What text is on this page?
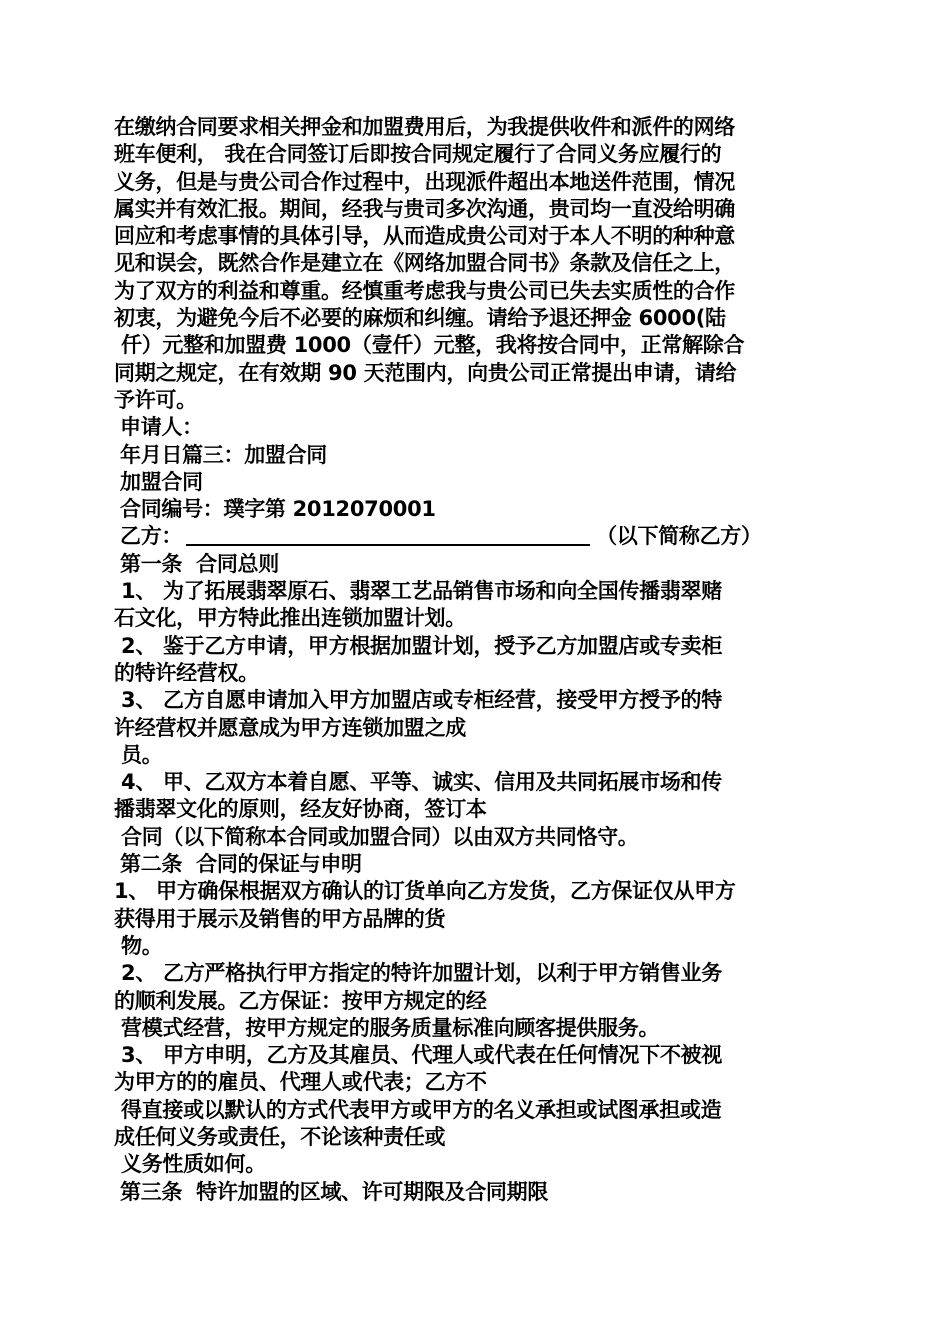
在缴纳合同要求相关押金和加盟费用后，为我提供收件和派件的网络
班车便利， 我在合同签订后即按合同规定履行了合同义务应履行的
义务，但是与贵公司合作过程中，出现派件超出本地送件范围，情况
属实并有效汇报。期间，经我与贵司多次沟通，贵司均一直没给明确
回应和考虑事情的具体引导，从而造成贵公司对于本人不明的种种意
见和误会，既然合作是建立在《网络加盟合同书》条款及信任之上，
为了双方的利益和尊重。经慎重考虑我与贵公司已失去实质性的合作
初衷，为避免今后不必要的麻烦和纠缠。请给予退还押金 6000(陆
仟）元整和加盟费 1000（壹仟）元整，我将按合同中，正常解除合
同期之规定，在有效期 90 天范围内，向贵公司正常提出申请，请给
予许可。
申请人：
年月日篇三：加盟合同
加盟合同
合同编号：璞字第 2012070001
乙方：	（以下简称乙方）
第一条  合同总则
1、 为了拓展翡翠原石、翡翠工艺品销售市场和向全国传播翡翠赌
石文化，甲方特此推出连锁加盟计划。
2、 鉴于乙方申请，甲方根据加盟计划，授予乙方加盟店或专卖柜
的特许经营权。
3、 乙方自愿申请加入甲方加盟店或专柜经营，接受甲方授予的特
许经营权并愿意成为甲方连锁加盟之成
员。
4、 甲、乙双方本着自愿、平等、诚实、信用及共同拓展市场和传
播翡翠文化的原则，经友好协商，签订本
合同（以下简称本合同或加盟合同）以由双方共同恪守。
第二条  合同的保证与申明
1、 甲方确保根据双方确认的订货单向乙方发货，乙方保证仅从甲方
获得用于展示及销售的甲方品牌的货
物。
2、 乙方严格执行甲方指定的特许加盟计划，以利于甲方销售业务
的顺利发展。乙方保证：按甲方规定的经
营模式经营，按甲方规定的服务质量标准向顾客提供服务。
3、 甲方申明，乙方及其雇员、代理人或代表在任何情况下不被视
为甲方的的雇员、代理人或代表；乙方不
得直接或以默认的方式代表甲方或甲方的名义承担或试图承担或造
成任何义务或责任，不论该种责任或
义务性质如何。
第三条  特许加盟的区域、许可期限及合同期限
